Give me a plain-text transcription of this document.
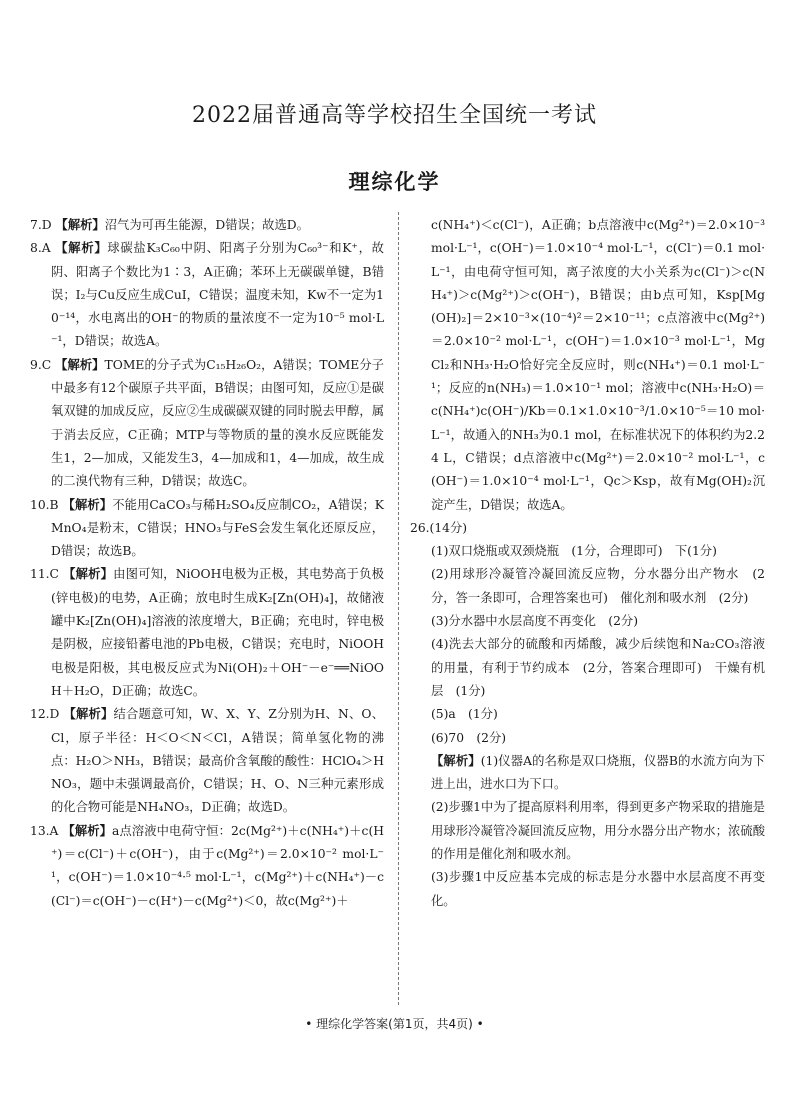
2022届普通高等学校招生全国统一考试
理综化学

7.D 【解析】沼气为可再生能源，D错误；故选D。

8.A 【解析】球碳盐K₃C₆₀中阴、阳离子分别为C₆₀³⁻和K⁺，故阴、阳离子个数比为1∶3，A正确；苯环上无碳碳单键，B错误；I₂与Cu反应生成CuI，C错误；温度未知，Kw不一定为10⁻¹⁴，水电离出的OH⁻的物质的量浓度不一定为10⁻⁵ mol·L⁻¹，D错误；故选A。

9.C 【解析】TOME的分子式为C₁₅H₂₆O₂，A错误；TOME分子中最多有12个碳原子共平面，B错误；由图可知，反应①是碳氧双键的加成反应，反应②生成碳碳双键的同时脱去甲醇，属于消去反应，C正确；MTP与等物质的量的溴水反应既能发生1，2—加成，又能发生3，4—加成和1，4—加成，故生成的二溴代物有三种，D错误；故选C。

10.B 【解析】不能用CaCO₃与稀H₂SO₄反应制CO₂，A错误；KMnO₄是粉末，C错误；HNO₃与FeS会发生氧化还原反应，D错误；故选B。

11.C 【解析】由图可知，NiOOH电极为正极，其电势高于负极(锌电极)的电势，A正确；放电时生成K₂[Zn(OH)₄]，故储液罐中K₂[Zn(OH)₄]溶液的浓度增大，B正确；充电时，锌电极是阴极，应接铅蓄电池的Pb电极，C错误；充电时，NiOOH电极是阳极，其电极反应式为Ni(OH)₂＋OH⁻－e⁻══NiOOH＋H₂O，D正确；故选C。

12.D 【解析】结合题意可知，W、X、Y、Z分别为H、N、O、Cl，原子半径：H＜O＜N＜Cl，A错误；简单氢化物的沸点：H₂O＞NH₃，B错误；最高价含氧酸的酸性：HClO₄＞HNO₃，题中未强调最高价，C错误；H、O、N三种元素形成的化合物可能是NH₄NO₃，D正确；故选D。

13.A 【解析】a点溶液中电荷守恒：2c(Mg²⁺)＋c(NH₄⁺)＋c(H⁺)＝c(Cl⁻)＋c(OH⁻)，由于c(Mg²⁺)＝2.0×10⁻² mol·L⁻¹，c(OH⁻)＝1.0×10⁻⁴·⁵ mol·L⁻¹，c(Mg²⁺)＋c(NH₄⁺)－c(Cl⁻)＝c(OH⁻)－c(H⁺)－c(Mg²⁺)＜0，故c(Mg²⁺)＋

c(NH₄⁺)＜c(Cl⁻)，A正确；b点溶液中c(Mg²⁺)＝2.0×10⁻³ mol·L⁻¹，c(OH⁻)＝1.0×10⁻⁴ mol·L⁻¹，c(Cl⁻)＝0.1 mol·L⁻¹，由电荷守恒可知，离子浓度的大小关系为c(Cl⁻)＞c(NH₄⁺)＞c(Mg²⁺)＞c(OH⁻)，B错误；由b点可知，Ksp[Mg(OH)₂]＝2×10⁻³×(10⁻⁴)²＝2×10⁻¹¹；c点溶液中c(Mg²⁺)＝2.0×10⁻² mol·L⁻¹，c(OH⁻)＝1.0×10⁻³ mol·L⁻¹，MgCl₂和NH₃·H₂O恰好完全反应时，则c(NH₄⁺)＝0.1 mol·L⁻¹；反应的n(NH₃)＝1.0×10⁻¹ mol；溶液中c(NH₃·H₂O)＝c(NH₄⁺)c(OH⁻)/Kb＝0.1×1.0×10⁻³/1.0×10⁻⁵＝10 mol·L⁻¹，故通入的NH₃为0.1 mol，在标准状况下的体积约为2.24 L，C错误；d点溶液中c(Mg²⁺)＝2.0×10⁻² mol·L⁻¹，c(OH⁻)＝1.0×10⁻⁴ mol·L⁻¹，Qc＞Ksp，故有Mg(OH)₂沉淀产生，D错误；故选A。

26.(14分)

(1)双口烧瓶或双颈烧瓶　(1分，合理即可)　下(1分)

(2)用球形冷凝管冷凝回流反应物，分水器分出产物水　(2分，答一条即可，合理答案也可)　催化剂和吸水剂　(2分)

(3)分水器中水层高度不再变化　(2分)

(4)洗去大部分的硫酸和丙烯酸，减少后续饱和Na₂CO₃溶液的用量，有利于节约成本　(2分，答案合理即可)　干燥有机层　(1分)

(5)a　(1分)

(6)70　(2分)

【解析】(1)仪器A的名称是双口烧瓶，仪器B的水流方向为下进上出，进水口为下口。

(2)步骤1中为了提高原料利用率，得到更多产物采取的措施是用球形冷凝管冷凝回流反应物，用分水器分出产物水；浓硫酸的作用是催化剂和吸水剂。

(3)步骤1中反应基本完成的标志是分水器中水层高度不再变化。

• 理综化学答案(第1页，共4页) •
